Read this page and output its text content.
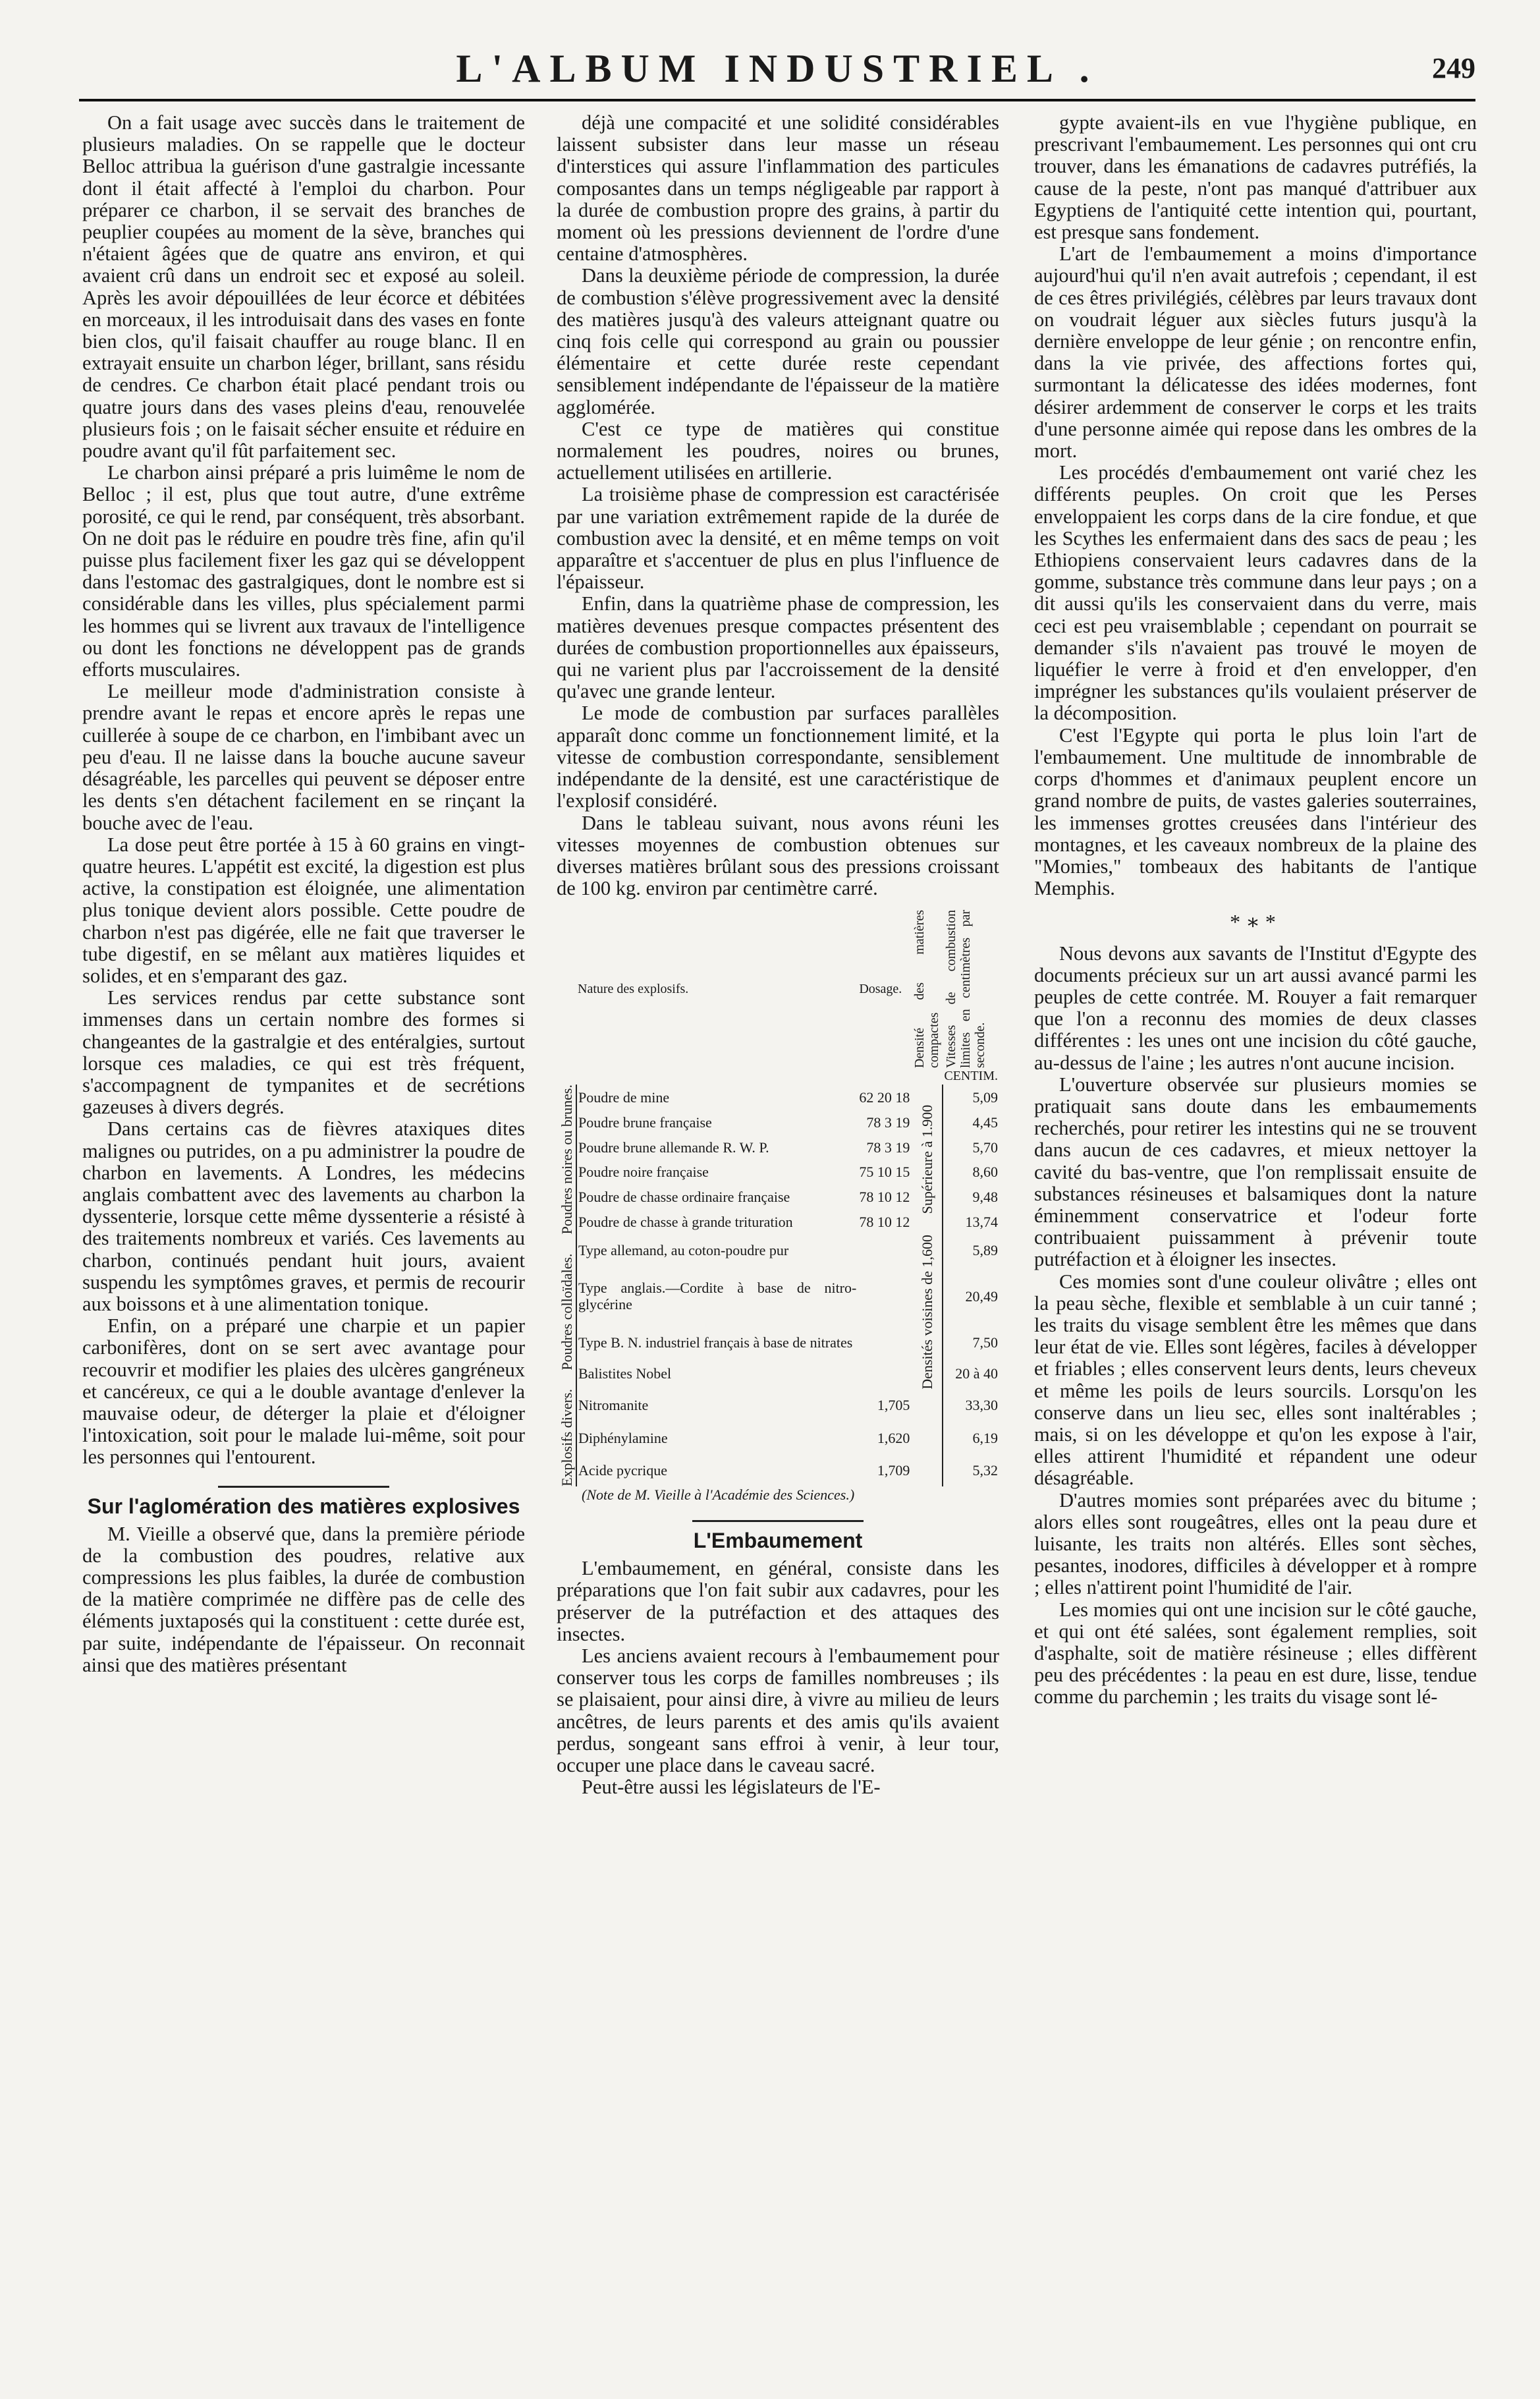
L'ALBUM INDUSTRIEL .	249

On a fait usage avec succès dans le traitement de plusieurs maladies. On se rappelle que le docteur Belloc attribua la guérison d'une gastralgie incessante dont il était affecté à l'emploi du charbon. Pour préparer ce charbon, il se servait des branches de peuplier coupées au moment de la sève, branches qui n'étaient âgées que de quatre ans environ, et qui avaient crû dans un endroit sec et exposé au soleil. Après les avoir dépouillées de leur écorce et débitées en morceaux, il les introduisait dans des vases en fonte bien clos, qu'il faisait chauffer au rouge blanc. Il en extrayait ensuite un charbon léger, brillant, sans résidu de cendres. Ce charbon était placé pendant trois ou quatre jours dans des vases pleins d'eau, renouvelée plusieurs fois ; on le faisait sécher ensuite et réduire en poudre avant qu'il fût parfaitement sec.

Le charbon ainsi préparé a pris luimême le nom de Belloc ; il est, plus que tout autre, d'une extrême porosité, ce qui le rend, par conséquent, très absorbant. On ne doit pas le réduire en poudre très fine, afin qu'il puisse plus facilement fixer les gaz qui se développent dans l'estomac des gastralgiques, dont le nombre est si considérable dans les villes, plus spécialement parmi les hommes qui se livrent aux travaux de l'intelligence ou dont les fonctions ne développent pas de grands efforts musculaires.

Le meilleur mode d'administration consiste à prendre avant le repas et encore après le repas une cuillerée à soupe de ce charbon, en l'imbibant avec un peu d'eau. Il ne laisse dans la bouche aucune saveur désagréable, les parcelles qui peuvent se déposer entre les dents s'en détachent facilement en se rinçant la bouche avec de l'eau.

La dose peut être portée à 15 à 60 grains en vingt-quatre heures. L'appétit est excité, la digestion est plus active, la constipation est éloignée, une alimentation plus tonique devient alors possible. Cette poudre de charbon n'est pas digérée, elle ne fait que traverser le tube digestif, en se mêlant aux matières liquides et solides, et en s'emparant des gaz.

Les services rendus par cette substance sont immenses dans un certain nombre des formes si changeantes de la gastralgie et des entéralgies, surtout lorsque ces maladies, ce qui est très fréquent, s'accompagnent de tympanites et de secrétions gazeuses à divers degrés.

Dans certains cas de fièvres ataxiques dites malignes ou putrides, on a pu administrer la poudre de charbon en lavements. A Londres, les médecins anglais combattent avec des lavements au charbon la dyssenterie, lorsque cette même dyssenterie a résisté à des traitements nombreux et variés. Ces lavements au charbon, continués pendant huit jours, avaient suspendu les symptômes graves, et permis de recourir aux boissons et à une alimentation tonique.

Enfin, on a préparé une charpie et un papier carbonifères, dont on se sert avec avantage pour recouvrir et modifier les plaies des ulcères gangréneux et cancéreux, ce qui a le double avantage d'enlever la mauvaise odeur, de déterger la plaie et d'éloigner l'intoxication, soit pour le malade lui-même, soit pour les personnes qui l'entourent.

Sur l'aglomération des matières explosives

M. Vieille a observé que, dans la première période de la combustion des poudres, relative aux compressions les plus faibles, la durée de combustion de la matière comprimée ne diffère pas de celle des éléments juxtaposés qui la constituent : cette durée est, par suite, indépendante de l'épaisseur. On reconnait ainsi que des matières présentant

déjà une compacité et une solidité considérables laissent subsister dans leur masse un réseau d'interstices qui assure l'inflammation des particules composantes dans un temps négligeable par rapport à la durée de combustion propre des grains, à partir du moment où les pressions deviennent de l'ordre d'une centaine d'atmosphères.

Dans la deuxième période de compression, la durée de combustion s'élève progressivement avec la densité des matières jusqu'à des valeurs atteignant quatre ou cinq fois celle qui correspond au grain ou poussier élémentaire et cette durée reste cependant sensiblement indépendante de l'épaisseur de la matière agglomérée.

C'est ce type de matières qui constitue normalement les poudres, noires ou brunes, actuellement utilisées en artillerie.

La troisième phase de compression est caractérisée par une variation extrêmement rapide de la durée de combustion avec la densité, et en même temps on voit apparaître et s'accentuer de plus en plus l'influence de l'épaisseur.

Enfin, dans la quatrième phase de compression, les matières devenues presque compactes présentent des durées de combustion proportionnelles aux épaisseurs, qui ne varient plus par l'accroissement de la densité qu'avec une grande lenteur.

Le mode de combustion par surfaces parallèles apparaît donc comme un fonctionnement limité, et la vitesse de combustion correspondante, sensiblement indépendante de la densité, est une caractéristique de l'explosif considéré.

Dans le tableau suivant, nous avons réuni les vitesses moyennes de combustion obtenues sur diverses matières brûlant sous des pressions croissant de 100 kg. environ par centimètre carré.

	Nature des explosifs.	Dosage.	Densité des matières compactes	Vitesses de combustion limites en centimètres par seconde.

				CENTIM.
Poudres noires ou brunes.	Poudre de mine	62 20 18	Supérieure à 1.900	5,09
	Poudre brune française	78 3 19		4,45
	Poudre brune allemande R. W. P.	78 3 19		5,70
	Poudre noire française	75 10 15		8,60
	Poudre de chasse ordinaire française	78 10 12		9,48
	Poudre de chasse à grande trituration	78 10 12		13,74
Poudres colloïdales.	Type allemand, au coton-poudre pur		Densités voisines de 1,600	5,89
	Type anglais.—Cordite à base de nitro-glycérine			20,49
	Type B. N. industriel français à base de nitrates			7,50
	Balistites Nobel			20 à 40
Explosifs divers.	Nitromanite	1,705		33,30
	Diphénylamine	1,620		6,19
	Acide pycrique	1,709		5,32

(Note de M. Vieille à l'Académie des Sciences.)

L'Embaumement

L'embaumement, en général, consiste dans les préparations que l'on fait subir aux cadavres, pour les préserver de la putréfaction et des attaques des insectes.

Les anciens avaient recours à l'embaumement pour conserver tous les corps de familles nombreuses ; ils se plaisaient, pour ainsi dire, à vivre au milieu de leurs ancêtres, de leurs parents et des amis qu'ils avaient perdus, songeant sans effroi à venir, à leur tour, occuper une place dans le caveau sacré.

Peut-être aussi les législateurs de l'E-

gypte avaient-ils en vue l'hygiène publique, en prescrivant l'embaumement. Les personnes qui ont cru trouver, dans les émanations de cadavres putréfiés, la cause de la peste, n'ont pas manqué d'attribuer aux Egyptiens de l'antiquité cette intention qui, pourtant, est presque sans fondement.

L'art de l'embaumement a moins d'importance aujourd'hui qu'il n'en avait autrefois ; cependant, il est de ces êtres privilégiés, célèbres par leurs travaux dont on voudrait léguer aux siècles futurs jusqu'à la dernière enveloppe de leur génie ; on rencontre enfin, dans la vie privée, des affections fortes qui, surmontant la délicatesse des idées modernes, font désirer ardemment de conserver le corps et les traits d'une personne aimée qui repose dans les ombres de la mort.

Les procédés d'embaumement ont varié chez les différents peuples. On croit que les Perses enveloppaient les corps dans de la cire fondue, et que les Scythes les enfermaient dans des sacs de peau ; les Ethiopiens conservaient leurs cadavres dans de la gomme, substance très commune dans leur pays ; on a dit aussi qu'ils les conservaient dans du verre, mais ceci est peu vraisemblable ; cependant on pourrait se demander s'ils n'avaient pas trouvé le moyen de liquéfier le verre à froid et d'en envelopper, d'en imprégner les substances qu'ils voulaient préserver de la décomposition.

C'est l'Egypte qui porta le plus loin l'art de l'embaumement. Une multitude de innombrable de corps d'hommes et d'animaux peuplent encore un grand nombre de puits, de vastes galeries souterraines, les immenses grottes creusées dans l'intérieur des montagnes, et les caveaux nombreux de la plaine des "Momies," tombeaux des habitants de l'antique Memphis.

*∗*

Nous devons aux savants de l'Institut d'Egypte des documents précieux sur un art aussi avancé parmi les peuples de cette contrée. M. Rouyer a fait remarquer que l'on a reconnu des momies de deux classes différentes : les unes ont une incision du côté gauche, au-dessus de l'aine ; les autres n'ont aucune incision.

L'ouverture observée sur plusieurs momies se pratiquait sans doute dans les embaumements recherchés, pour retirer les intestins qui ne se trouvent dans aucun de ces cadavres, et mieux nettoyer la cavité du bas-ventre, que l'on remplissait ensuite de substances résineuses et balsamiques dont la nature éminemment conservatrice et l'odeur forte contribuaient puissamment à prévenir toute putréfaction et à éloigner les insectes.

Ces momies sont d'une couleur olivâtre ; elles ont la peau sèche, flexible et semblable à un cuir tanné ; les traits du visage semblent être les mêmes que dans leur état de vie. Elles sont légères, faciles à développer et friables ; elles conservent leurs dents, leurs cheveux et même les poils de leurs sourcils. Lorsqu'on les conserve dans un lieu sec, elles sont inaltérables ; mais, si on les développe et qu'on les expose à l'air, elles attirent l'humidité et répandent une odeur désagréable.

D'autres momies sont préparées avec du bitume ; alors elles sont rougeâtres, elles ont la peau dure et luisante, les traits non altérés. Elles sont sèches, pesantes, inodores, difficiles à développer et à rompre ; elles n'attirent point l'humidité de l'air.

Les momies qui ont une incision sur le côté gauche, et qui ont été salées, sont également remplies, soit d'asphalte, soit de matière résineuse ; elles diffèrent peu des précédentes : la peau en est dure, lisse, tendue comme du parchemin ; les traits du visage sont lé-
